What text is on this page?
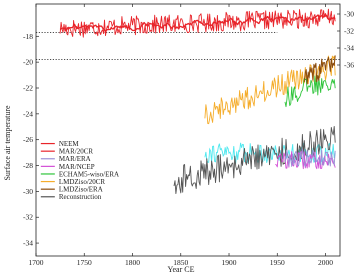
1700	1750	1800	1850	1900	1950	2000
-34
-32
-30
-28
-26
-24
-22
-20
-18
-30
-32
-34
-36
NEEM
MAR/20CR
MAR/ERA
MAR/NCEP
ECHAM5-wiso/ERA
LMDZiso/20CR
LMDZiso/ERA
Reconstruction
Surface air temperature
Year CE
